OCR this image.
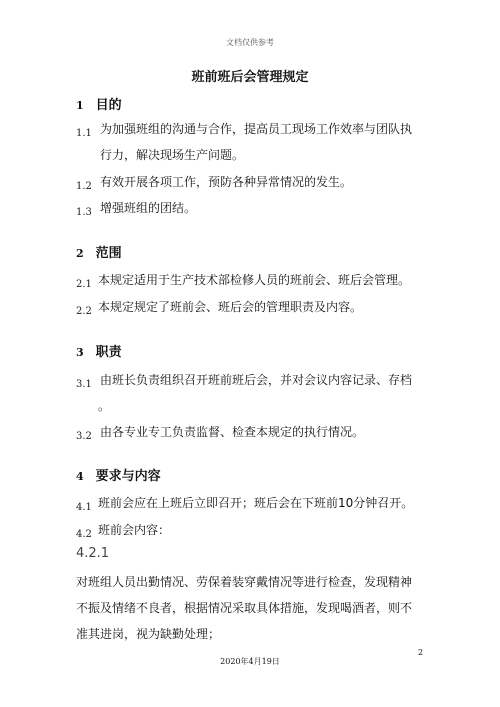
文档仅供参考
班前班后会管理规定
1 目的
1.1 为加强班组的沟通与合作，提高员工现场工作效率与团队执
行力，解决现场生产问题。
1.2 有效开展各项工作，预防各种异常情况的发生。
1.3 增强班组的团结。
2 范围
2.1 本规定适用于生产技术部检修人员的班前会、班后会管理。
2.2 本规定规定了班前会、班后会的管理职责及内容。
3 职责
3.1 由班长负责组织召开班前班后会，并对会议内容记录、存档
。
3.2 由各专业专工负责监督、检查本规定的执行情况。
4 要求与内容
4.1 班前会应在上班后立即召开；班后会在下班前10分钟召开。
4.2 班前会内容：
4.2.1
对班组人员出勤情况、劳保着装穿戴情况等进行检查，发现精神
不振及情绪不良者，根据情况采取具体措施，发现喝酒者，则不
准其进岗，视为缺勤处理；
2
2020年4月19日
